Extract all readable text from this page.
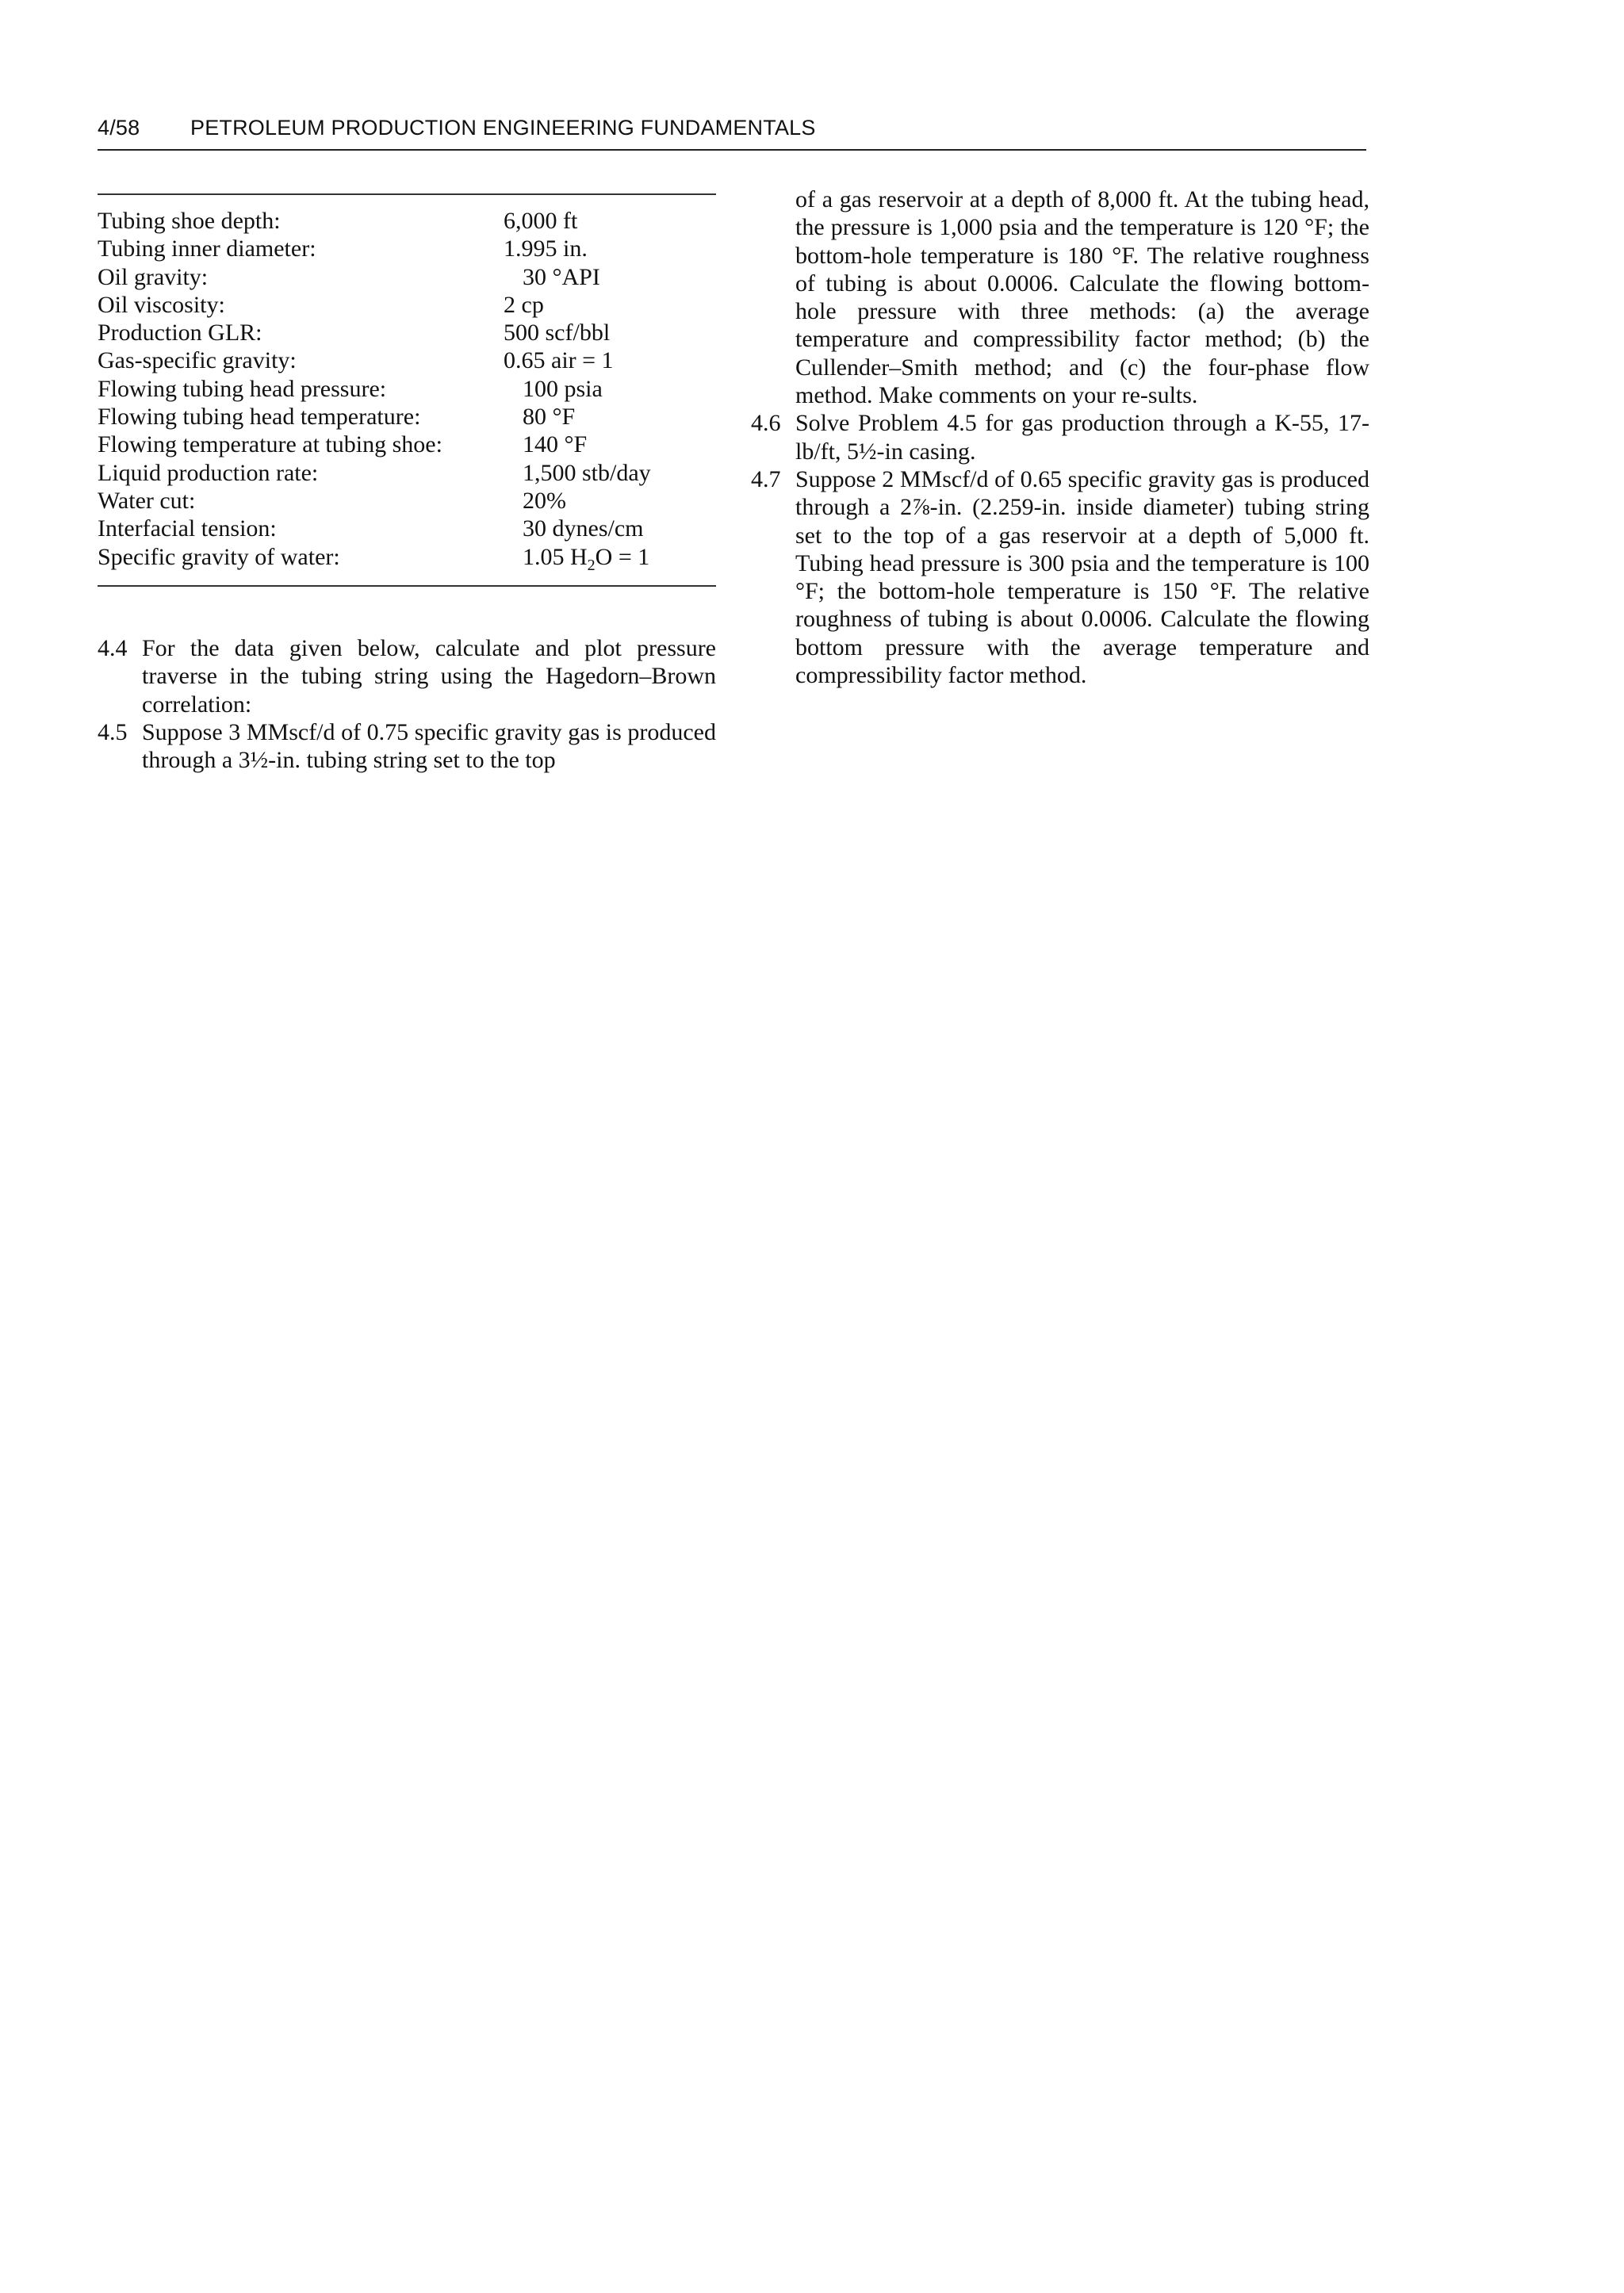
4/58 PETROLEUM PRODUCTION ENGINEERING FUNDAMENTALS
Tubing shoe depth:	6,000 ft
Tubing inner diameter:	1.995 in.
Oil gravity:	30 °API
Oil viscosity:	2 cp
Production GLR:	500 scf/bbl
Gas-specific gravity:	0.65 air = 1
Flowing tubing head pressure:	100 psia
Flowing tubing head temperature:	80 °F
Flowing temperature at tubing shoe:	140 °F
Liquid production rate:	1,500 stb/day
Water cut:	20%
Interfacial tension:	30 dynes/cm
Specific gravity of water:	1.05 $H_2O = 1$
4.4 For the data given below, calculate and plot pressure traverse in the tubing string using the Hagedorn–Brown correlation:
4.5 Suppose 3 MMscf/d of 0.75 specific gravity gas is produced through a 3½-in. tubing string set to the top
of a gas reservoir at a depth of 8,000 ft. At the tubing head, the pressure is 1,000 psia and the temperature is 120 °F; the bottom-hole temperature is 180 °F. The relative roughness of tubing is about 0.0006. Calculate the flowing bottom-hole pressure with three methods: (a) the average temperature and compressibility factor method; (b) the Cullender–Smith method; and (c) the four-phase flow method. Make comments on your re-sults.
4.6 Solve Problem 4.5 for gas production through a K-55, 17-lb/ft, 5½-in casing.
4.7 Suppose 2 MMscf/d of 0.65 specific gravity gas is produced through a 2⅞-in. (2.259-in. inside diameter) tubing string set to the top of a gas reservoir at a depth of 5,000 ft. Tubing head pressure is 300 psia and the temperature is 100 °F; the bottom-hole temperature is 150 °F. The relative roughness of tubing is about 0.0006. Calculate the flowing bottom pressure with the average temperature and compressibility factor method.
